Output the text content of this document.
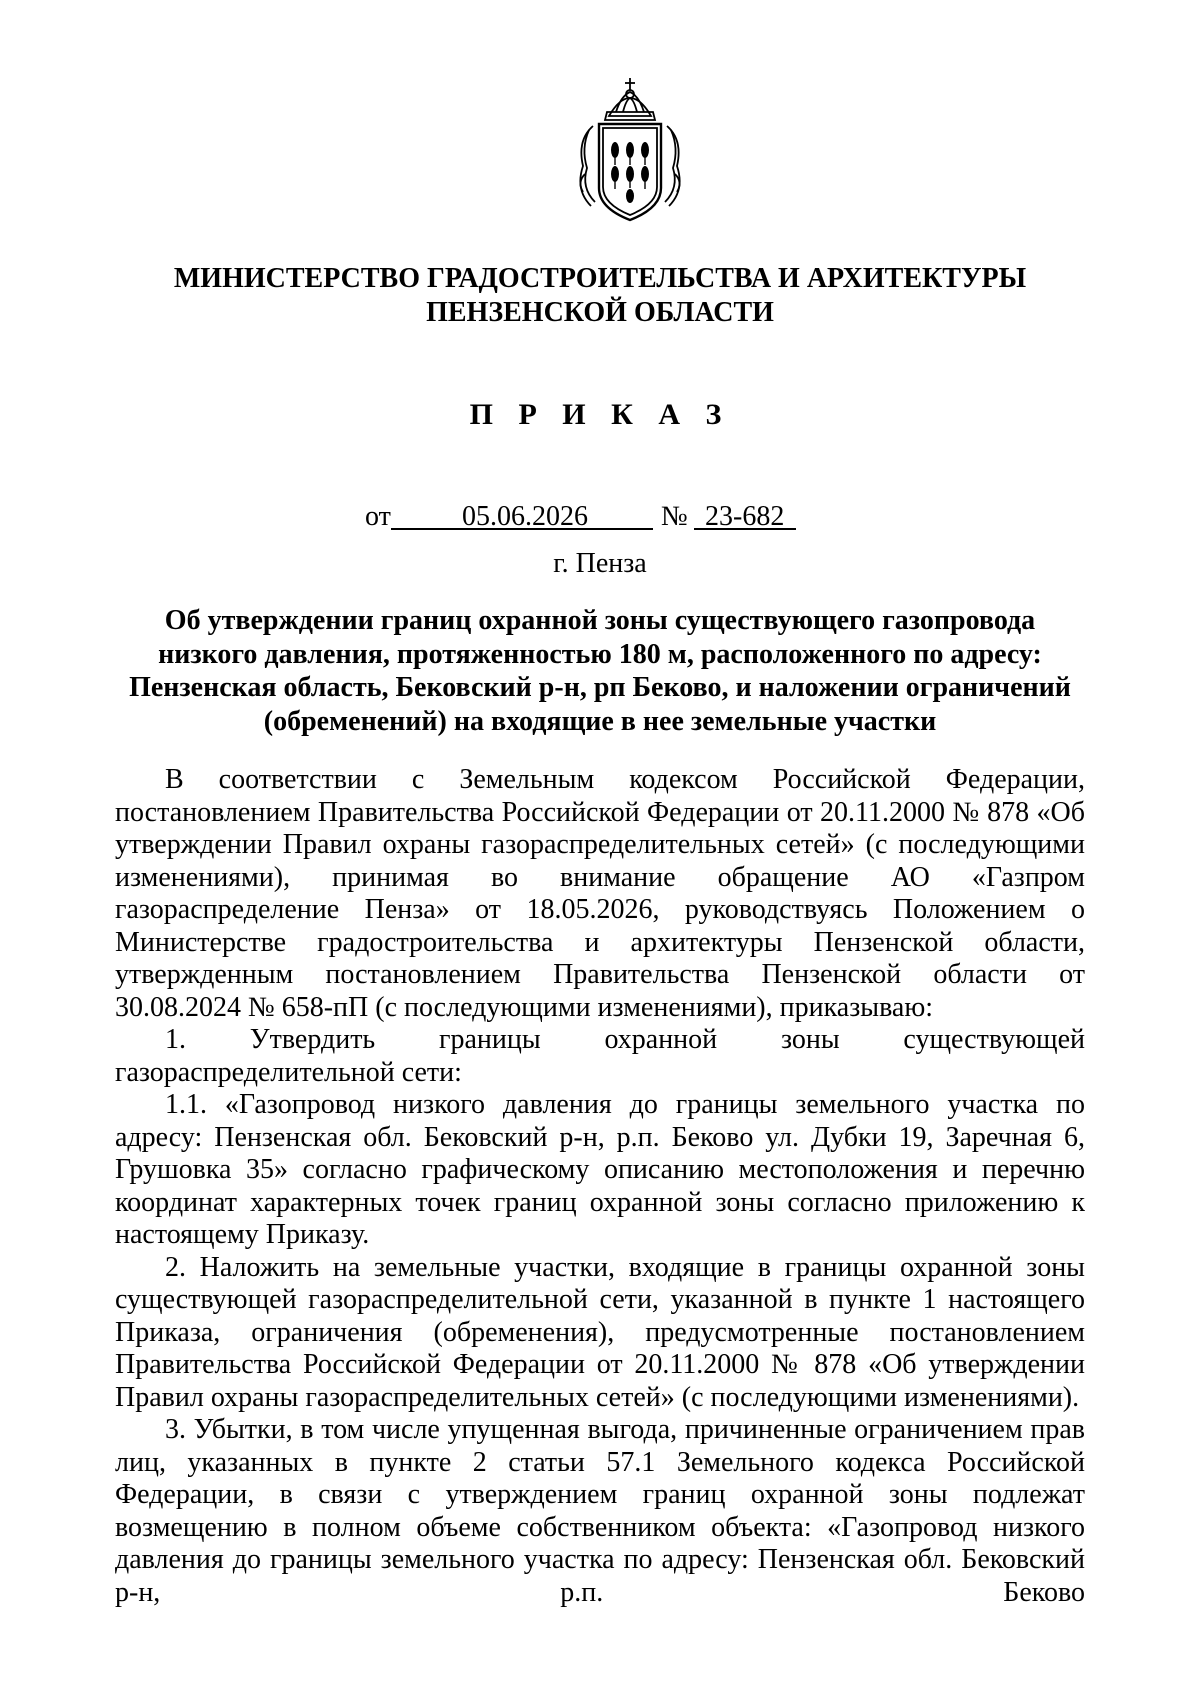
МИНИСТЕРСТВО ГРАДОСТРОИТЕЛЬСТВА И АРХИТЕКТУРЫ
ПЕНЗЕНСКОЙ ОБЛАСТИ
П Р И К А З
от	05.06.2026	№ 23-682
г. Пенза
Об утверждении границ охранной зоны существующего газопровода низкого давления, протяженностью 180 м, расположенного по адресу: Пензенская область, Бековский р-н, рп Беково, и наложении ограничений (обременений) на входящие в нее земельные участки

В соответствии с Земельным кодексом Российской Федерации, постановлением Правительства Российской Федерации от 20.11.2000 № 878 «Об утверждении Правил охраны газораспределительных сетей» (с последующими изменениями), принимая во внимание обращение АО «Газпром газораспределение Пенза» от 18.05.2026, руководствуясь Положением о Министерстве градостроительства и архитектуры Пензенской области, утвержденным постановлением Правительства Пензенской области от 30.08.2024 № 658-пП (с последующими изменениями), приказываю:

1. Утвердить границы охранной зоны существующей газораспределительной сети:

1.1. «Газопровод низкого давления до границы земельного участка по адресу: Пензенская обл. Бековский р-н, р.п. Беково ул. Дубки 19, Заречная 6, Грушовка 35» согласно графическому описанию местоположения и перечню координат характерных точек границ охранной зоны согласно приложению к настоящему Приказу.

2. Наложить на земельные участки, входящие в границы охранной зоны существующей газораспределительной сети, указанной в пункте 1 настоящего Приказа, ограничения (обременения), предусмотренные постановлением Правительства Российской Федерации от 20.11.2000 № 878 «Об утверждении Правил охраны газораспределительных сетей» (с последующими изменениями).

3. Убытки, в том числе упущенная выгода, причиненные ограничением прав лиц, указанных в пункте 2 статьи 57.1 Земельного кодекса Российской Федерации, в связи с утверждением границ охранной зоны подлежат возмещению в полном объеме собственником объекта: «Газопровод низкого давления до границы земельного участка по адресу: Пензенская обл. Бековский р-н, р.п. Беково
